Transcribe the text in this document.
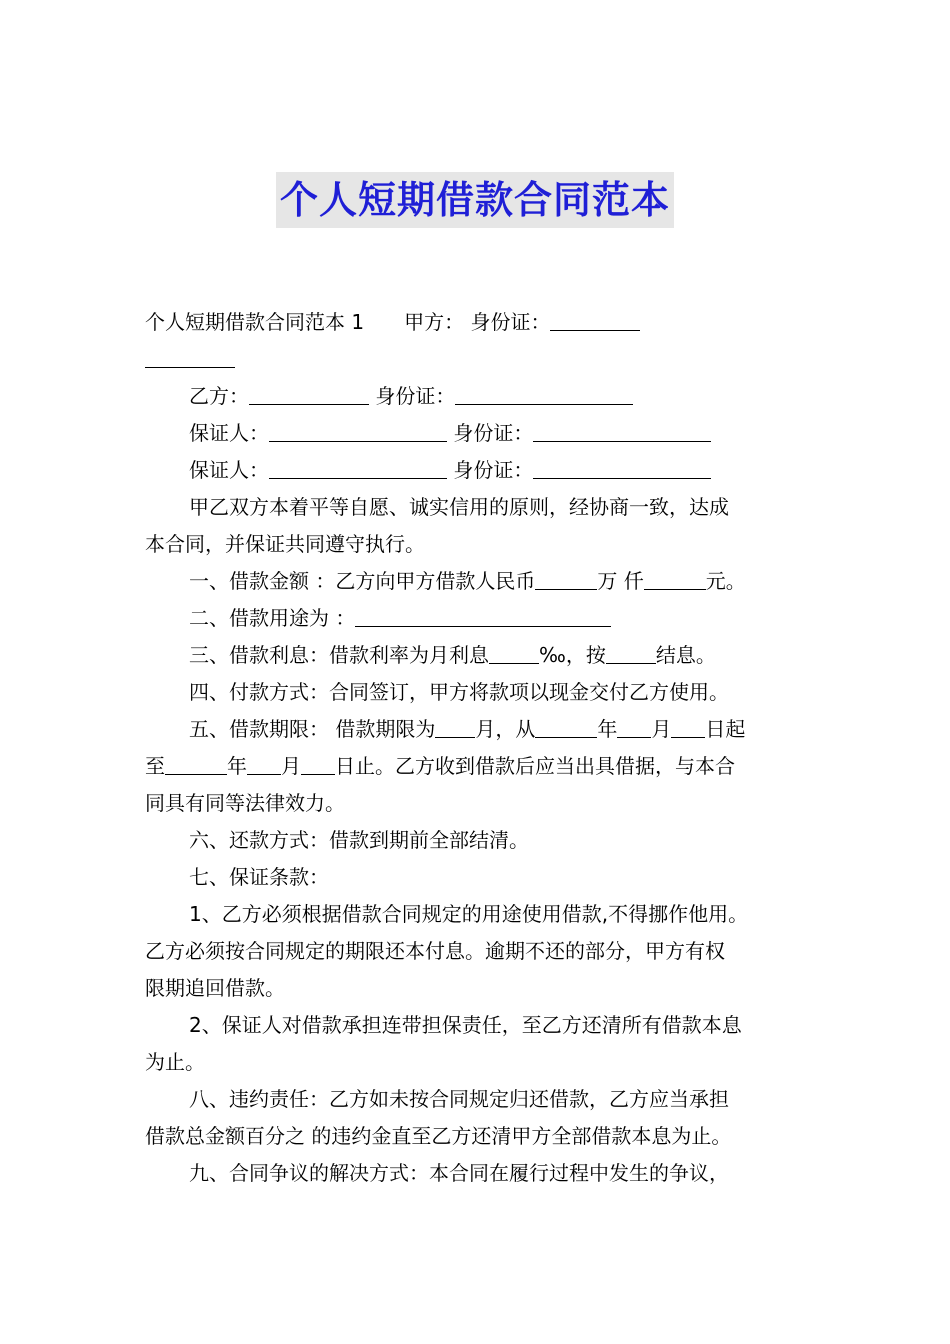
个人短期借款合同范本
个人短期借款合同范本 1　　甲方： 身份证：
乙方：	身份证：
保证人：	身份证：
保证人：	身份证：
甲乙双方本着平等自愿、诚实信用的原则，经协商一致，达成
本合同，并保证共同遵守执行。
一、借款金额 ：乙方向甲方借款人民币	万 仟	元。
二、借款用途为 ：
三、借款利息：借款利率为月利息	‰，按	结息。
四、付款方式：合同签订，甲方将款项以现金交付乙方使用。
五、借款期限： 借款期限为 月，从	年 月 日起
至	年 月 日止。乙方收到借款后应当出具借据，与本合
同具有同等法律效力。
六、还款方式：借款到期前全部结清。
七、保证条款：
1、乙方必须根据借款合同规定的用途使用借款,不得挪作他用。
乙方必须按合同规定的期限还本付息。逾期不还的部分，甲方有权
限期追回借款。
2、保证人对借款承担连带担保责任，至乙方还清所有借款本息
为止。
八、违约责任：乙方如未按合同规定归还借款，乙方应当承担
借款总金额百分之 的违约金直至乙方还清甲方全部借款本息为止。
九、合同争议的解决方式：本合同在履行过程中发生的争议，
